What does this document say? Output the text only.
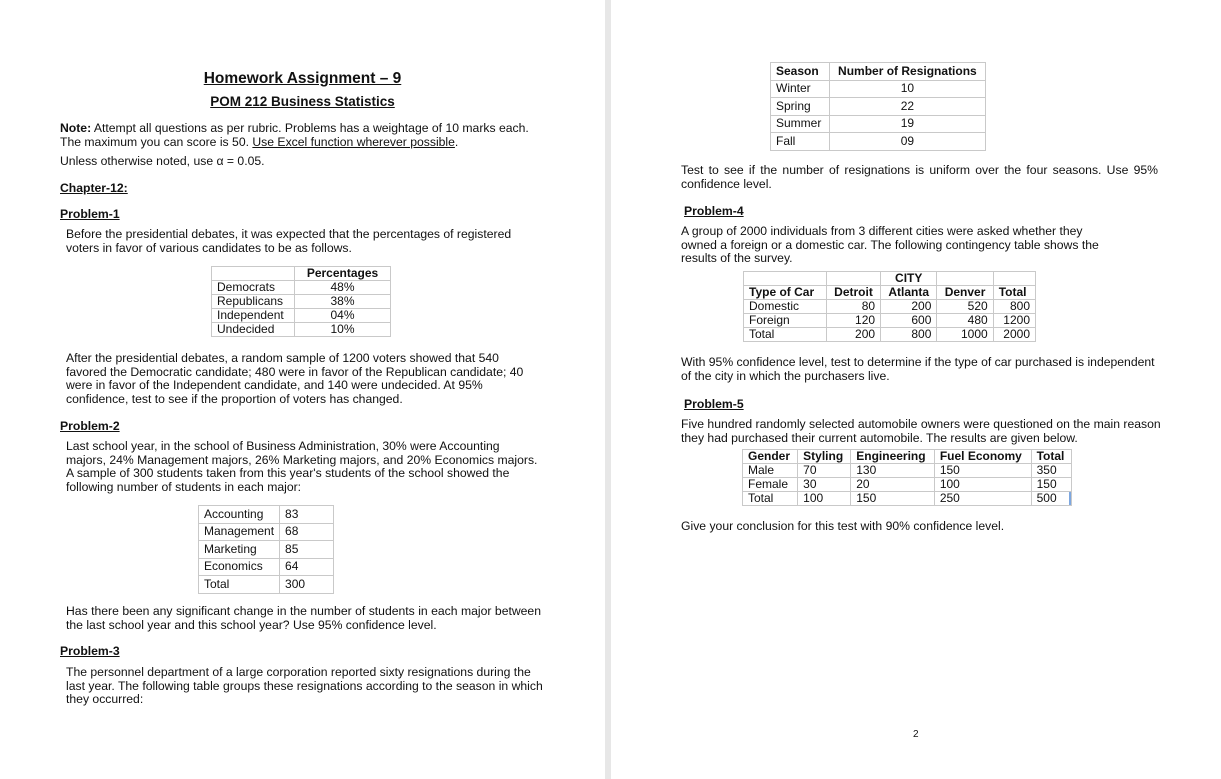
Homework Assignment – 9
POM 212 Business Statistics
Note: Attempt all questions as per rubric. Problems has a weightage of 10 marks each. The maximum you can score is 50. Use Excel function wherever possible.
Unless otherwise noted, use α = 0.05.
Chapter-12:
Problem-1
Before the presidential debates, it was expected that the percentages of registered voters in favor of various candidates to be as follows.
	Percentages
Democrats	48%
Republicans	38%
Independent	04%
Undecided	10%
After the presidential debates, a random sample of 1200 voters showed that 540 favored the Democratic candidate; 480 were in favor of the Republican candidate; 40 were in favor of the Independent candidate, and 140 were undecided. At 95% confidence, test to see if the proportion of voters has changed.
Problem-2
Last school year, in the school of Business Administration, 30% were Accounting majors, 24% Management majors, 26% Marketing majors, and 20% Economics majors. A sample of 300 students taken from this year's students of the school showed the following number of students in each major:
Accounting	83
Management	68
Marketing	85
Economics	64
Total	300
Has there been any significant change in the number of students in each major between the last school year and this school year? Use 95% confidence level.
Problem-3
The personnel department of a large corporation reported sixty resignations during the last year. The following table groups these resignations according to the season in which they occurred:
Season	Number of Resignations
Winter	10
Spring	22
Summer	19
Fall	09
Test to see if the number of resignations is uniform over the four seasons. Use 95% confidence level.
Problem-4
A group of 2000 individuals from 3 different cities were asked whether they owned a foreign or a domestic car. The following contingency table shows the results of the survey.
		CITY		
Type of Car	Detroit	Atlanta	Denver	Total
Domestic	80	200	520	800
Foreign	120	600	480	1200
Total	200	800	1000	2000
With 95% confidence level, test to determine if the type of car purchased is independent of the city in which the purchasers live.
Problem-5
Five hundred randomly selected automobile owners were questioned on the main reason they had purchased their current automobile. The results are given below.
Gender	Styling	Engineering	Fuel Economy	Total
Male	70	130	150	350
Female	30	20	100	150
Total	100	150	250	500
Give your conclusion for this test with 90% confidence level.
2
